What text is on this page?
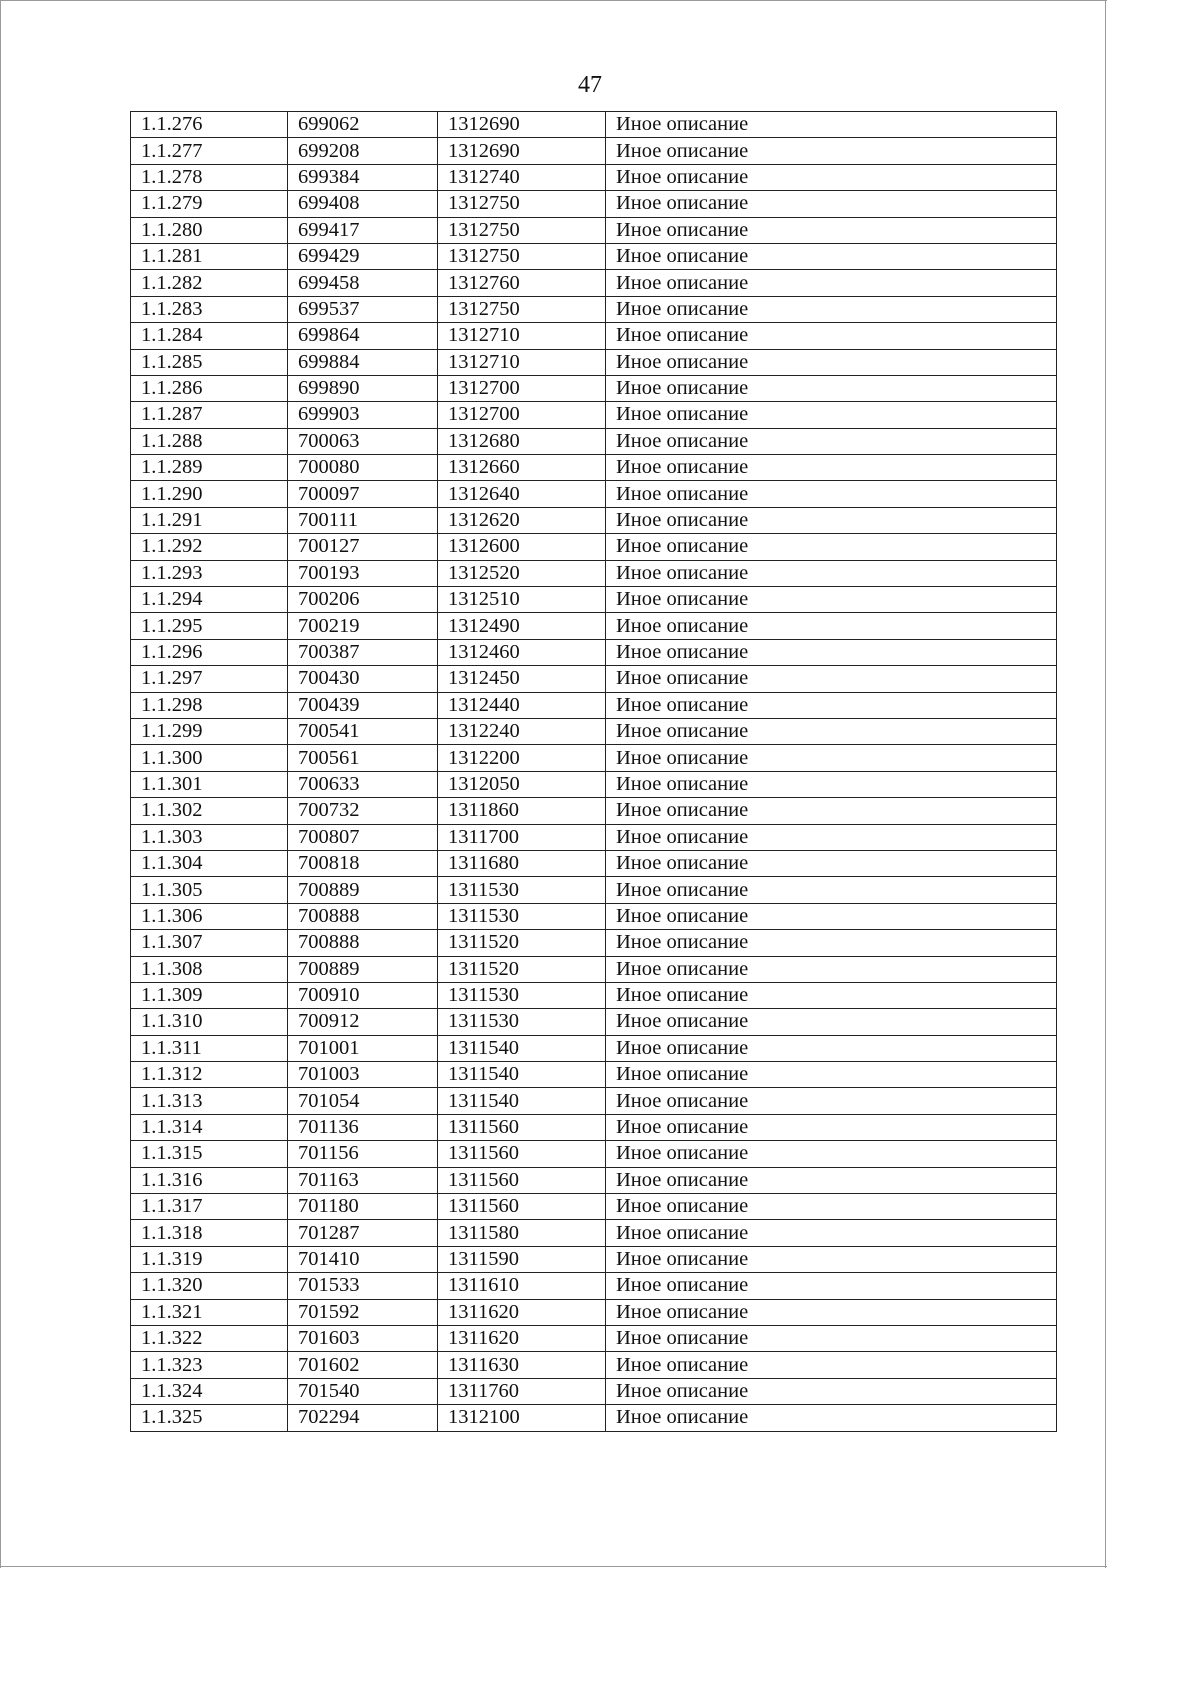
47
1.1.276	699062	1312690	Иное описание
1.1.277	699208	1312690	Иное описание
1.1.278	699384	1312740	Иное описание
1.1.279	699408	1312750	Иное описание
1.1.280	699417	1312750	Иное описание
1.1.281	699429	1312750	Иное описание
1.1.282	699458	1312760	Иное описание
1.1.283	699537	1312750	Иное описание
1.1.284	699864	1312710	Иное описание
1.1.285	699884	1312710	Иное описание
1.1.286	699890	1312700	Иное описание
1.1.287	699903	1312700	Иное описание
1.1.288	700063	1312680	Иное описание
1.1.289	700080	1312660	Иное описание
1.1.290	700097	1312640	Иное описание
1.1.291	700111	1312620	Иное описание
1.1.292	700127	1312600	Иное описание
1.1.293	700193	1312520	Иное описание
1.1.294	700206	1312510	Иное описание
1.1.295	700219	1312490	Иное описание
1.1.296	700387	1312460	Иное описание
1.1.297	700430	1312450	Иное описание
1.1.298	700439	1312440	Иное описание
1.1.299	700541	1312240	Иное описание
1.1.300	700561	1312200	Иное описание
1.1.301	700633	1312050	Иное описание
1.1.302	700732	1311860	Иное описание
1.1.303	700807	1311700	Иное описание
1.1.304	700818	1311680	Иное описание
1.1.305	700889	1311530	Иное описание
1.1.306	700888	1311530	Иное описание
1.1.307	700888	1311520	Иное описание
1.1.308	700889	1311520	Иное описание
1.1.309	700910	1311530	Иное описание
1.1.310	700912	1311530	Иное описание
1.1.311	701001	1311540	Иное описание
1.1.312	701003	1311540	Иное описание
1.1.313	701054	1311540	Иное описание
1.1.314	701136	1311560	Иное описание
1.1.315	701156	1311560	Иное описание
1.1.316	701163	1311560	Иное описание
1.1.317	701180	1311560	Иное описание
1.1.318	701287	1311580	Иное описание
1.1.319	701410	1311590	Иное описание
1.1.320	701533	1311610	Иное описание
1.1.321	701592	1311620	Иное описание
1.1.322	701603	1311620	Иное описание
1.1.323	701602	1311630	Иное описание
1.1.324	701540	1311760	Иное описание
1.1.325	702294	1312100	Иное описание
